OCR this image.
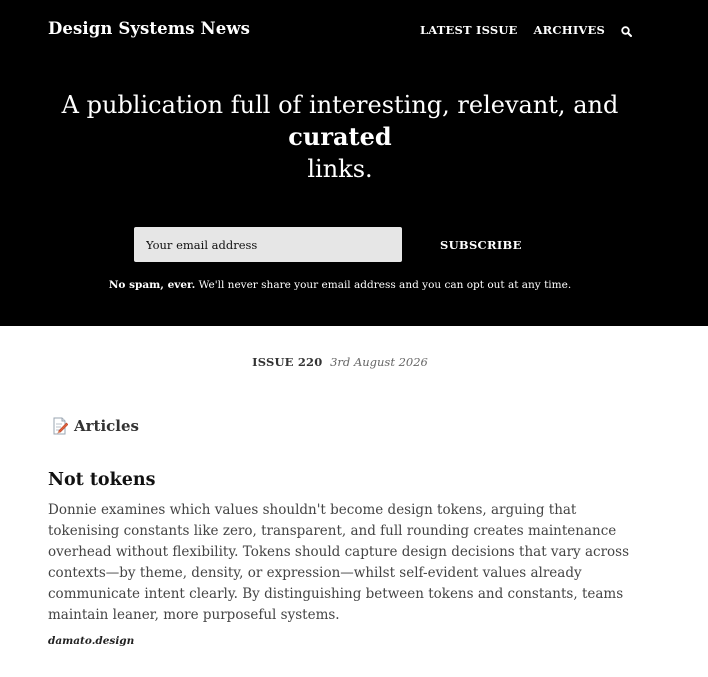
Design Systems News	LATEST ISSUE ARCHIVES
A publication full of interesting, relevant, and curated
links.
Your email address
SUBSCRIBE
No spam, ever. We'll never share your email address and you can opt out at any time.
ISSUE 220 3rd August 2026
Articles
Not tokens

Donnie examines which values shouldn't become design tokens, arguing that tokenising constants like zero, transparent, and full rounding creates maintenance overhead without flexibility. Tokens should capture design decisions that vary across contexts—by theme, density, or expression—whilst self-evident values already communicate intent clearly. By distinguishing between tokens and constants, teams maintain leaner, more purposeful systems.

damato.design
